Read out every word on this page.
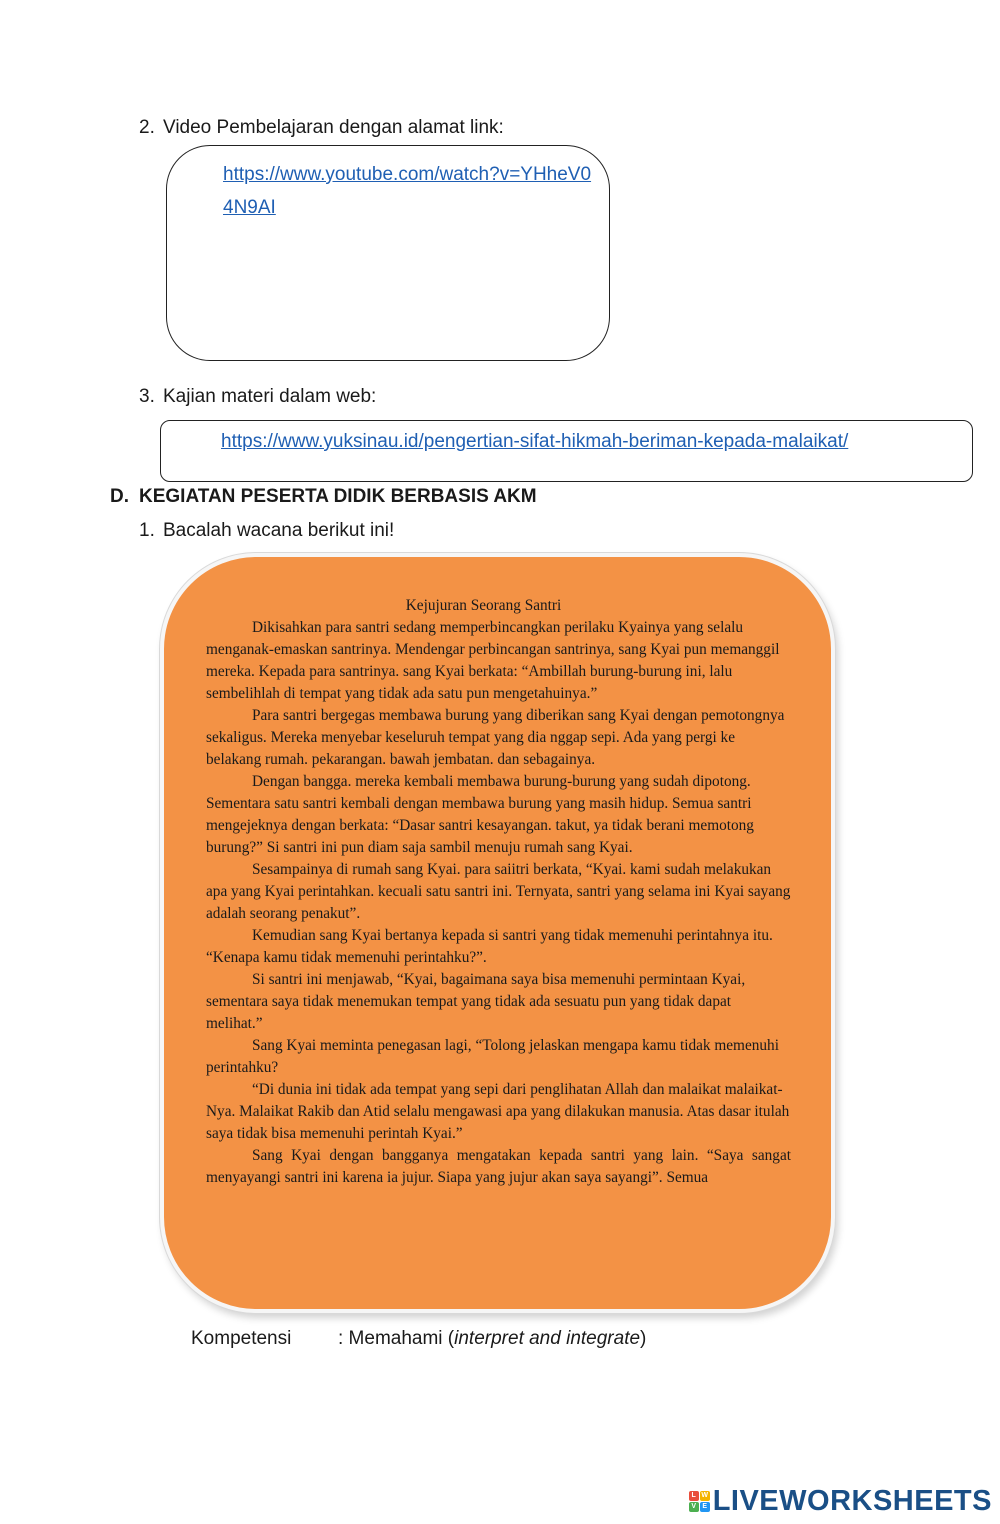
2. Video Pembelajaran dengan alamat link:
https://www.youtube.com/watch?v=YHheV04N9AI
3. Kajian materi dalam web:
https://www.yuksinau.id/pengertian-sifat-hikmah-beriman-kepada-malaikat/
D. KEGIATAN PESERTA DIDIK BERBASIS AKM
1. Bacalah wacana berikut ini!
Kejujuran Seorang Santri

Dikisahkan para santri sedang memperbincangkan perilaku Kyainya yang selalu menganak-emaskan santrinya. Mendengar perbincangan santrinya, sang Kyai pun memanggil mereka. Kepada para santrinya. sang Kyai berkata: “Ambillah burung-burung ini, lalu sembelihlah di tempat yang tidak ada satu pun mengetahuinya.”

Para santri bergegas membawa burung yang diberikan sang Kyai dengan pemotongnya sekaligus. Mereka menyebar keseluruh tempat yang dia nggap sepi. Ada yang pergi ke belakang rumah. pekarangan. bawah jembatan. dan sebagainya.

Dengan bangga. mereka kembali membawa burung-burung yang sudah dipotong. Sementara satu santri kembali dengan membawa burung yang masih hidup. Semua santri mengejeknya dengan berkata: “Dasar santri kesayangan. takut, ya tidak berani memotong burung?” Si santri ini pun diam saja sambil menuju rumah sang Kyai.

Sesampainya di rumah sang Kyai. para saiitri berkata, “Kyai. kami sudah melakukan apa yang Kyai perintahkan. kecuali satu santri ini. Ternyata, santri yang selama ini Kyai sayang adalah seorang penakut”.

Kemudian sang Kyai bertanya kepada si santri yang tidak memenuhi perintahnya itu. “Kenapa kamu tidak memenuhi perintahku?”.

Si santri ini menjawab, “Kyai, bagaimana saya bisa memenuhi permintaan Kyai, sementara saya tidak menemukan tempat yang tidak ada sesuatu pun yang tidak dapat melihat.”

Sang Kyai meminta penegasan lagi, “Tolong jelaskan mengapa kamu tidak memenuhi perintahku?

“Di dunia ini tidak ada tempat yang sepi dari penglihatan Allah dan malaikat malaikat-Nya. Malaikat Rakib dan Atid selalu mengawasi apa yang dilakukan manusia. Atas dasar itulah saya tidak bisa memenuhi perintah Kyai.”

Sang Kyai dengan bangganya mengatakan kepada santri yang lain. “Saya sangat menyayangi santri ini karena ia jujur. Siapa yang jujur akan saya sayangi”. Semua

Kompetensi : Memahami (interpret and integrate)
L W
V E LIVEWORKSHEETS
